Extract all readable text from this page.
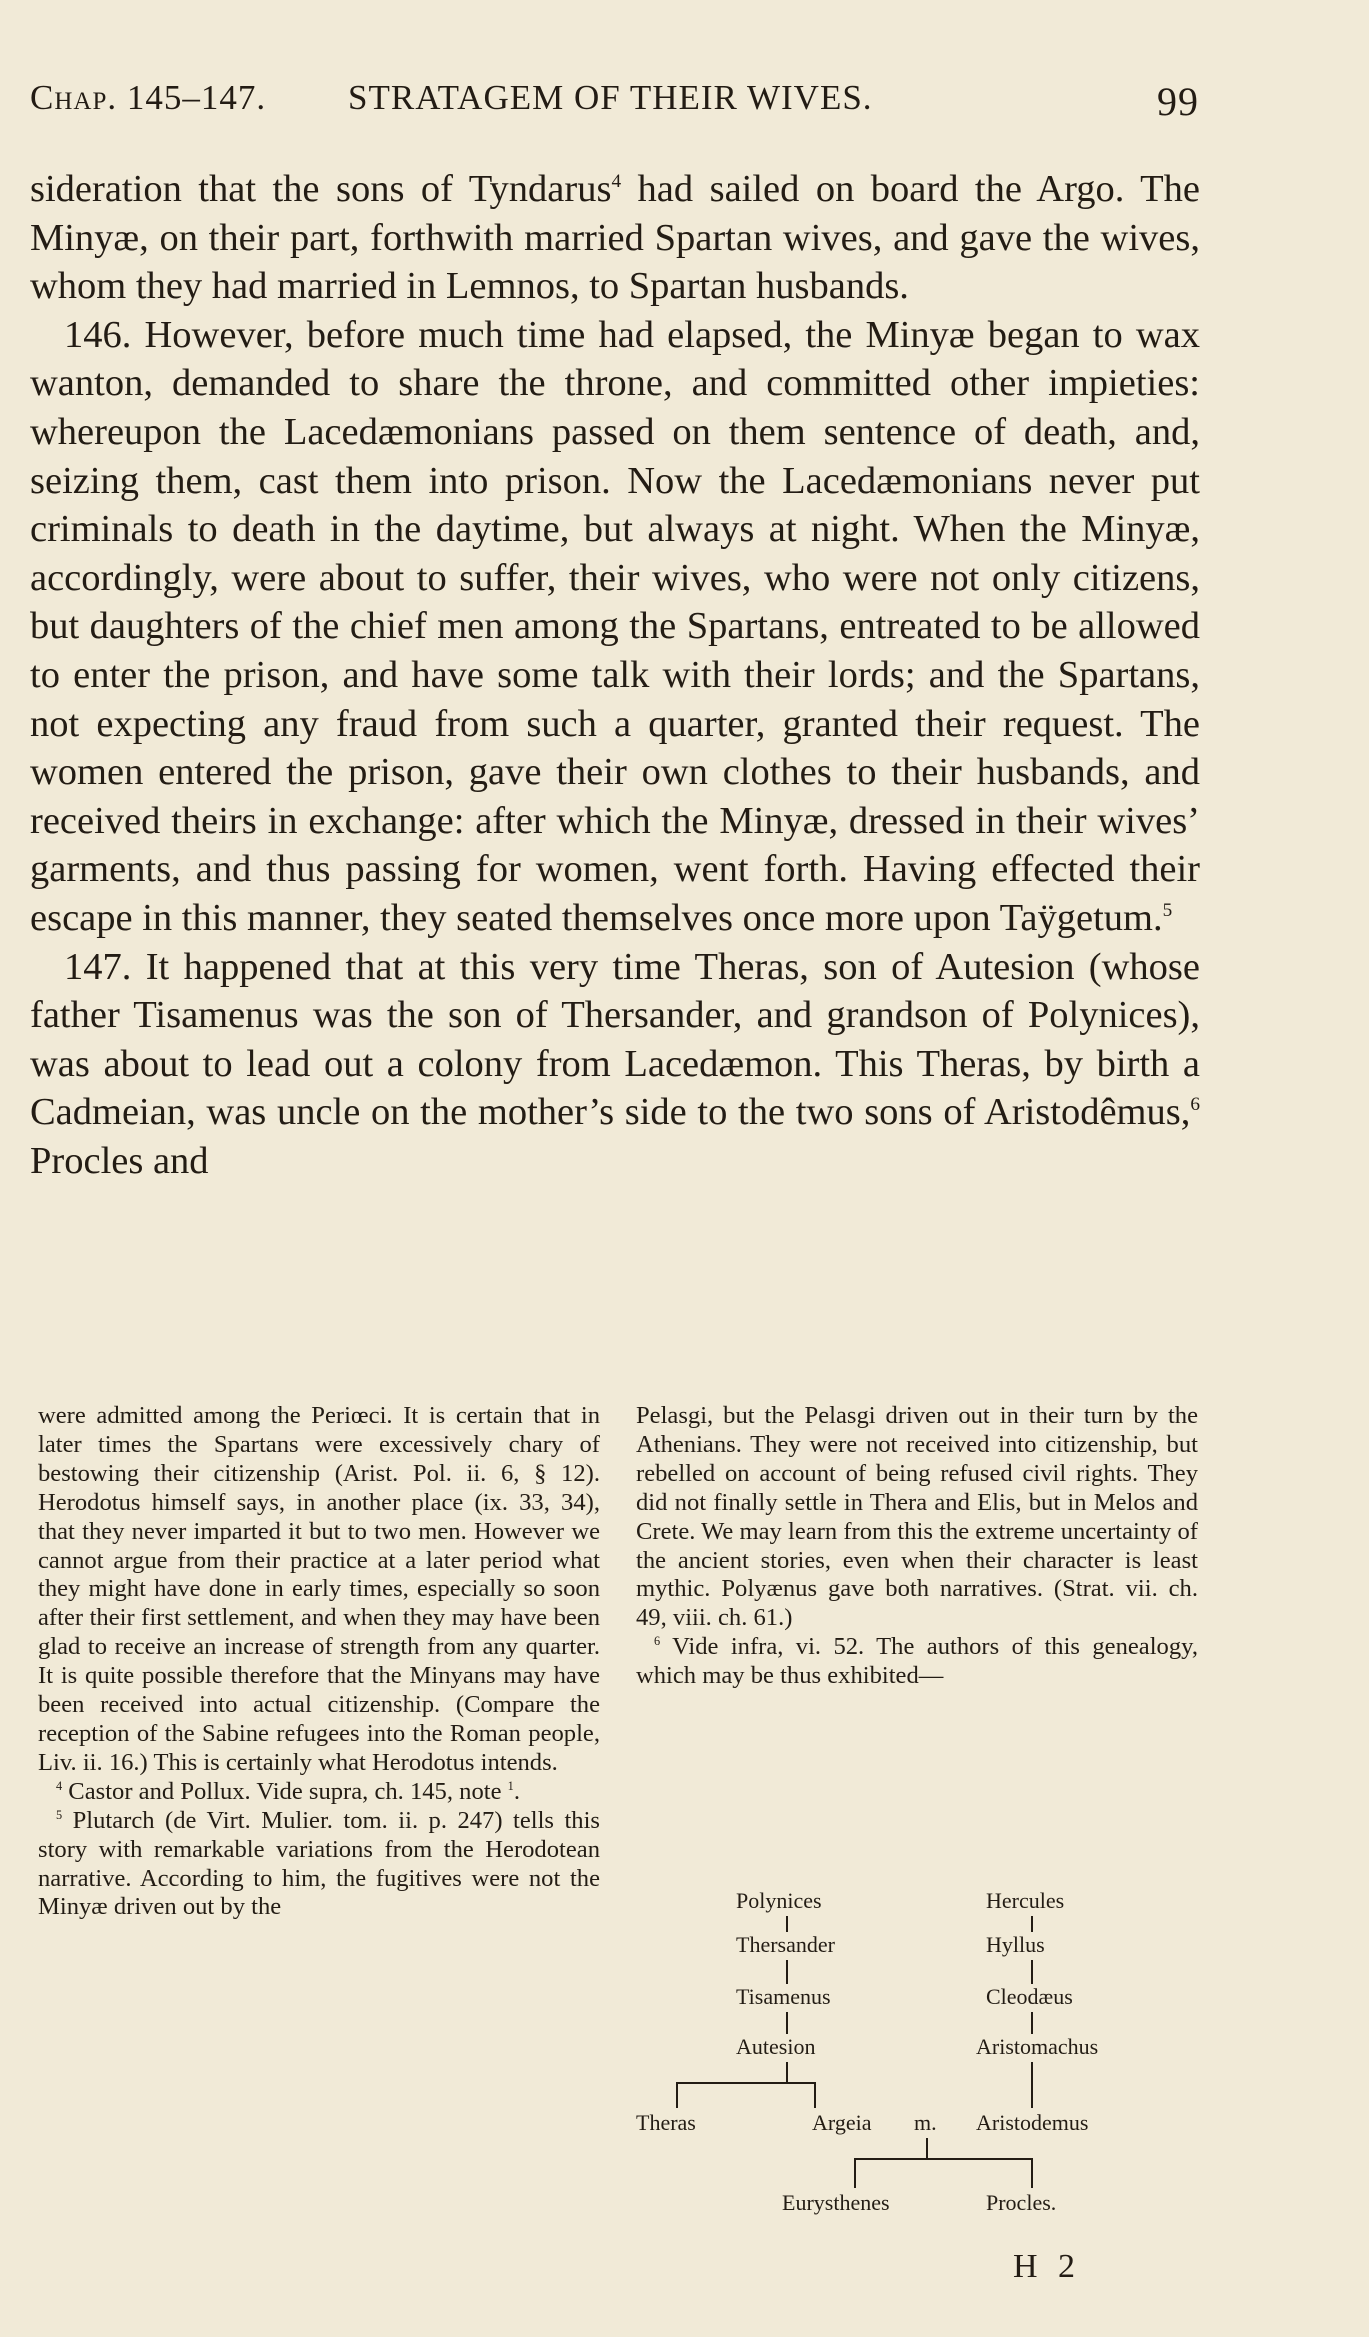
Chap. 145–147. STRATAGEM OF THEIR WIVES.	99

sideration that the sons of Tyndarus$^4$ had sailed on board the Argo. The Minyæ, on their part, forthwith married Spartan wives, and gave the wives, whom they had married in Lemnos, to Spartan husbands.

146. However, before much time had elapsed, the Minyæ began to wax wanton, demanded to share the throne, and committed other impieties: whereupon the Lacedæmonians passed on them sentence of death, and, seizing them, cast them into prison. Now the Lacedæmonians never put criminals to death in the daytime, but always at night. When the Minyæ, accordingly, were about to suffer, their wives, who were not only citizens, but daughters of the chief men among the Spartans, entreated to be allowed to enter the prison, and have some talk with their lords; and the Spartans, not expecting any fraud from such a quarter, granted their request. The women entered the prison, gave their own clothes to their husbands, and received theirs in exchange: after which the Minyæ, dressed in their wives’ garments, and thus passing for women, went forth. Having effected their escape in this manner, they seated themselves once more upon Taÿgetum.$^5$

147. It happened that at this very time Theras, son of Autesion (whose father Tisamenus was the son of Thersander, and grandson of Polynices), was about to lead out a colony from Lacedæmon. This Theras, by birth a Cadmeian, was uncle on the mother’s side to the two sons of Aristodêmus,$^6$ Procles and

were admitted among the Periœci. It is certain that in later times the Spartans were excessively chary of bestowing their citizenship (Arist. Pol. ii. 6, § 12). Herodotus himself says, in another place (ix. 33, 34), that they never imparted it but to two men. However we cannot argue from their practice at a later period what they might have done in early times, especially so soon after their first settlement, and when they may have been glad to receive an increase of strength from any quarter. It is quite possible therefore that the Minyans may have been received into actual citizenship. (Compare the reception of the Sabine refugees into the Roman people, Liv. ii. 16.) This is certainly what Herodotus intends.

$^4$ Castor and Pollux. Vide supra, ch. 145, note $^1$.

$^5$ Plutarch (de Virt. Mulier. tom. ii. p. 247) tells this story with remarkable variations from the Herodotean narrative. According to him, the fugitives were not the Minyæ driven out by the

Pelasgi, but the Pelasgi driven out in their turn by the Athenians. They were not received into citizenship, but rebelled on account of being refused civil rights. They did not finally settle in Thera and Elis, but in Melos and Crete. We may learn from this the extreme uncertainty of the ancient stories, even when their character is least mythic. Polyænus gave both narratives. (Strat. vii. ch. 49, viii. ch. 61.)

$^6$ Vide infra, vi. 52. The authors of this genealogy, which may be thus exhibited—

Polynices
Thersander
Tisamenus
Autesion
Theras	Argeia m.
Hercules
Hyllus
Cleodæus
Aristomachus
Aristodemus
Eurysthenes	Procles.
H 2
